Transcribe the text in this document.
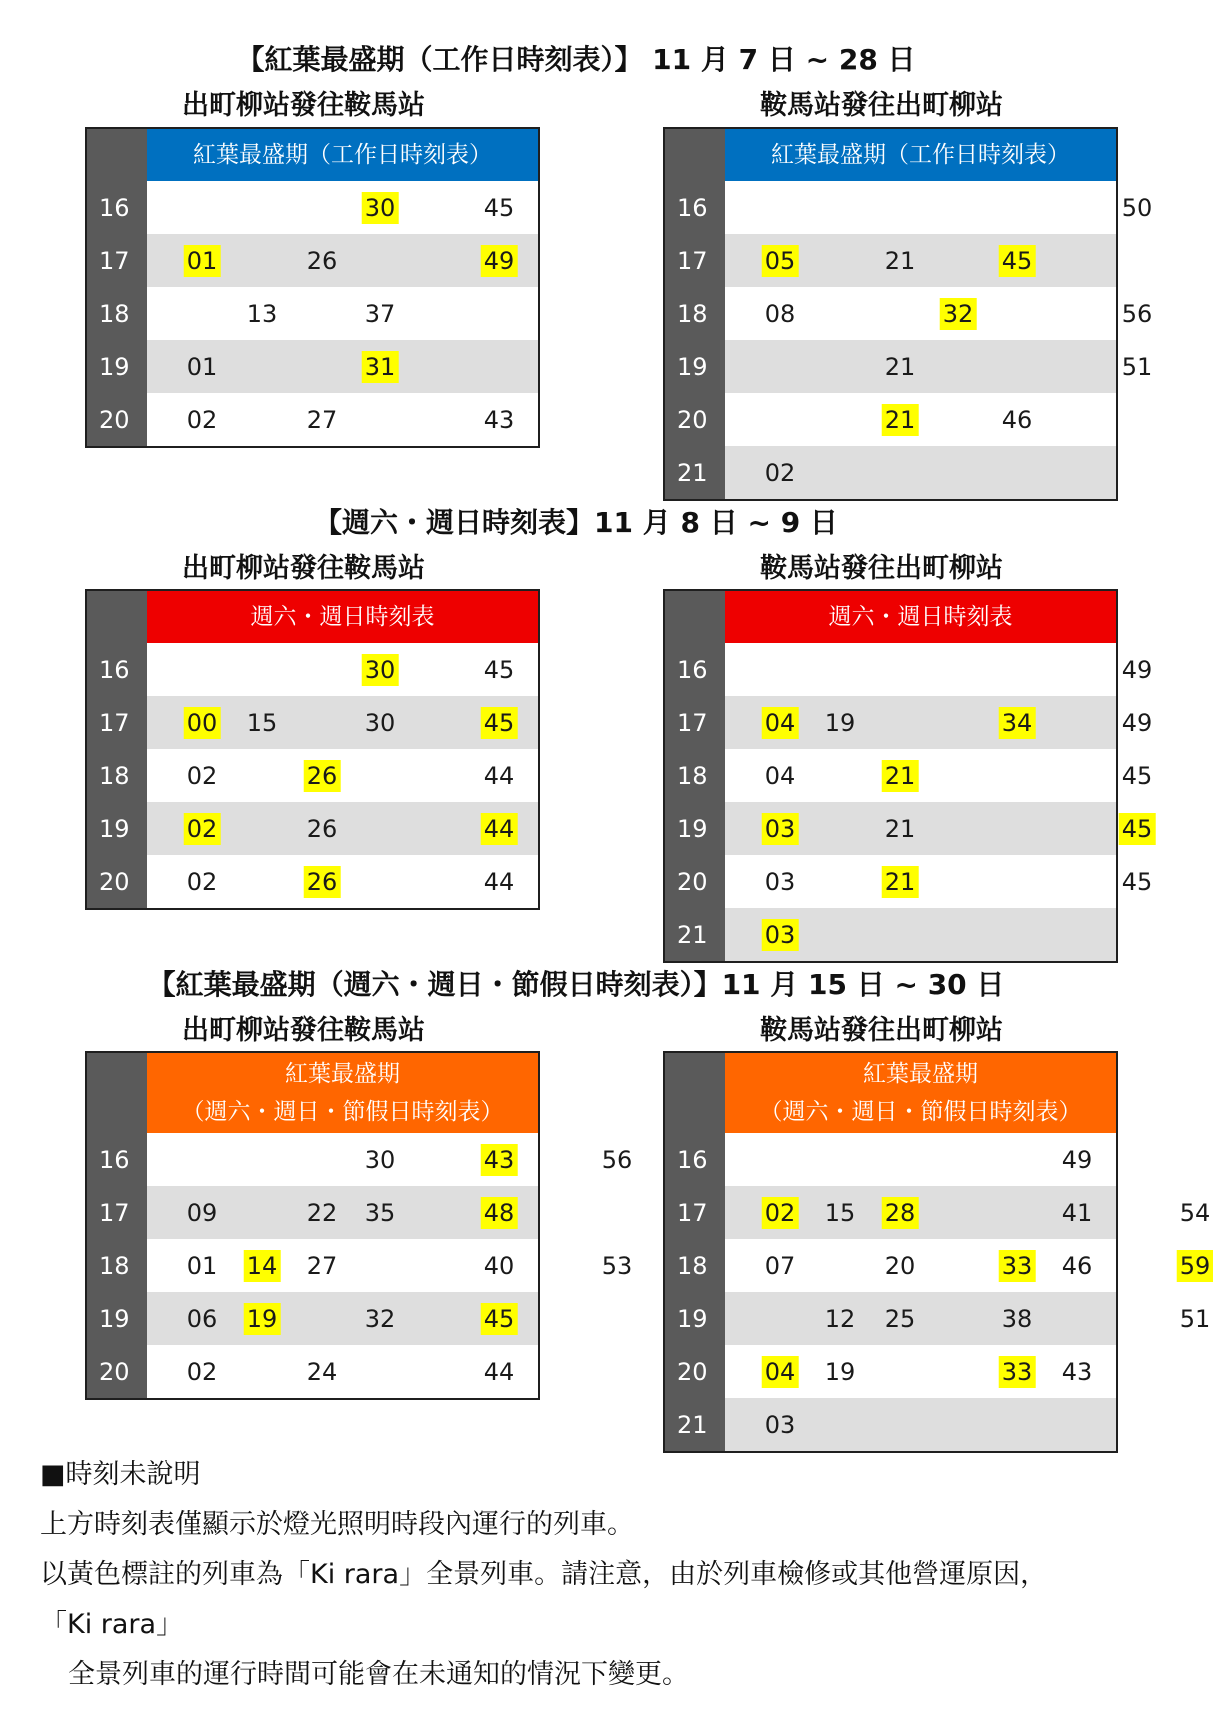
【紅葉最盛期（工作日時刻表）】 11 月 7 日 ~ 28 日
出町柳站發往鞍馬站	鞍馬站發往出町柳站
紅葉最盛期（工作日時刻表）
16	30	45
17	01	26	49
18	13	37
19	01	31
20	02	27	43
紅葉最盛期（工作日時刻表）
16	50
17	05	21	45
18	08	32	56
19	21	51
20	21	46
21	02
【週六・週日時刻表】11 月 8 日 ~ 9 日
出町柳站發往鞍馬站	鞍馬站發往出町柳站
週六・週日時刻表
16	30	45
17	00 15	30	45
18	02	26	44
19	02	26	44
20	02	26	44
週六・週日時刻表
16	49
17	04 19	34	49
18	04	21	45
19	03	21	45
20	03	21	45
21	03
【紅葉最盛期（週六・週日・節假日時刻表）】11 月 15 日 ~ 30 日
出町柳站發往鞍馬站	鞍馬站發往出町柳站
紅葉最盛期
（週六・週日・節假日時刻表）
16	30	43	56
17	09	22 35	48
18	01 14 27	40	53
19	06 19	32	45
20	02	24	44
紅葉最盛期
（週六・週日・節假日時刻表）
16	49
17	02 15 28	41	54
18	07	20	33 46	59
19	12 25	38	51
20	04 19	33 43
21	03
■時刻未說明
上方時刻表僅顯示於燈光照明時段內運行的列車。
以黃色標註的列車為「Ki rara」全景列車。請注意，由於列車檢修或其他營運原因，
「Ki rara」
全景列車的運行時間可能會在未通知的情況下變更。
